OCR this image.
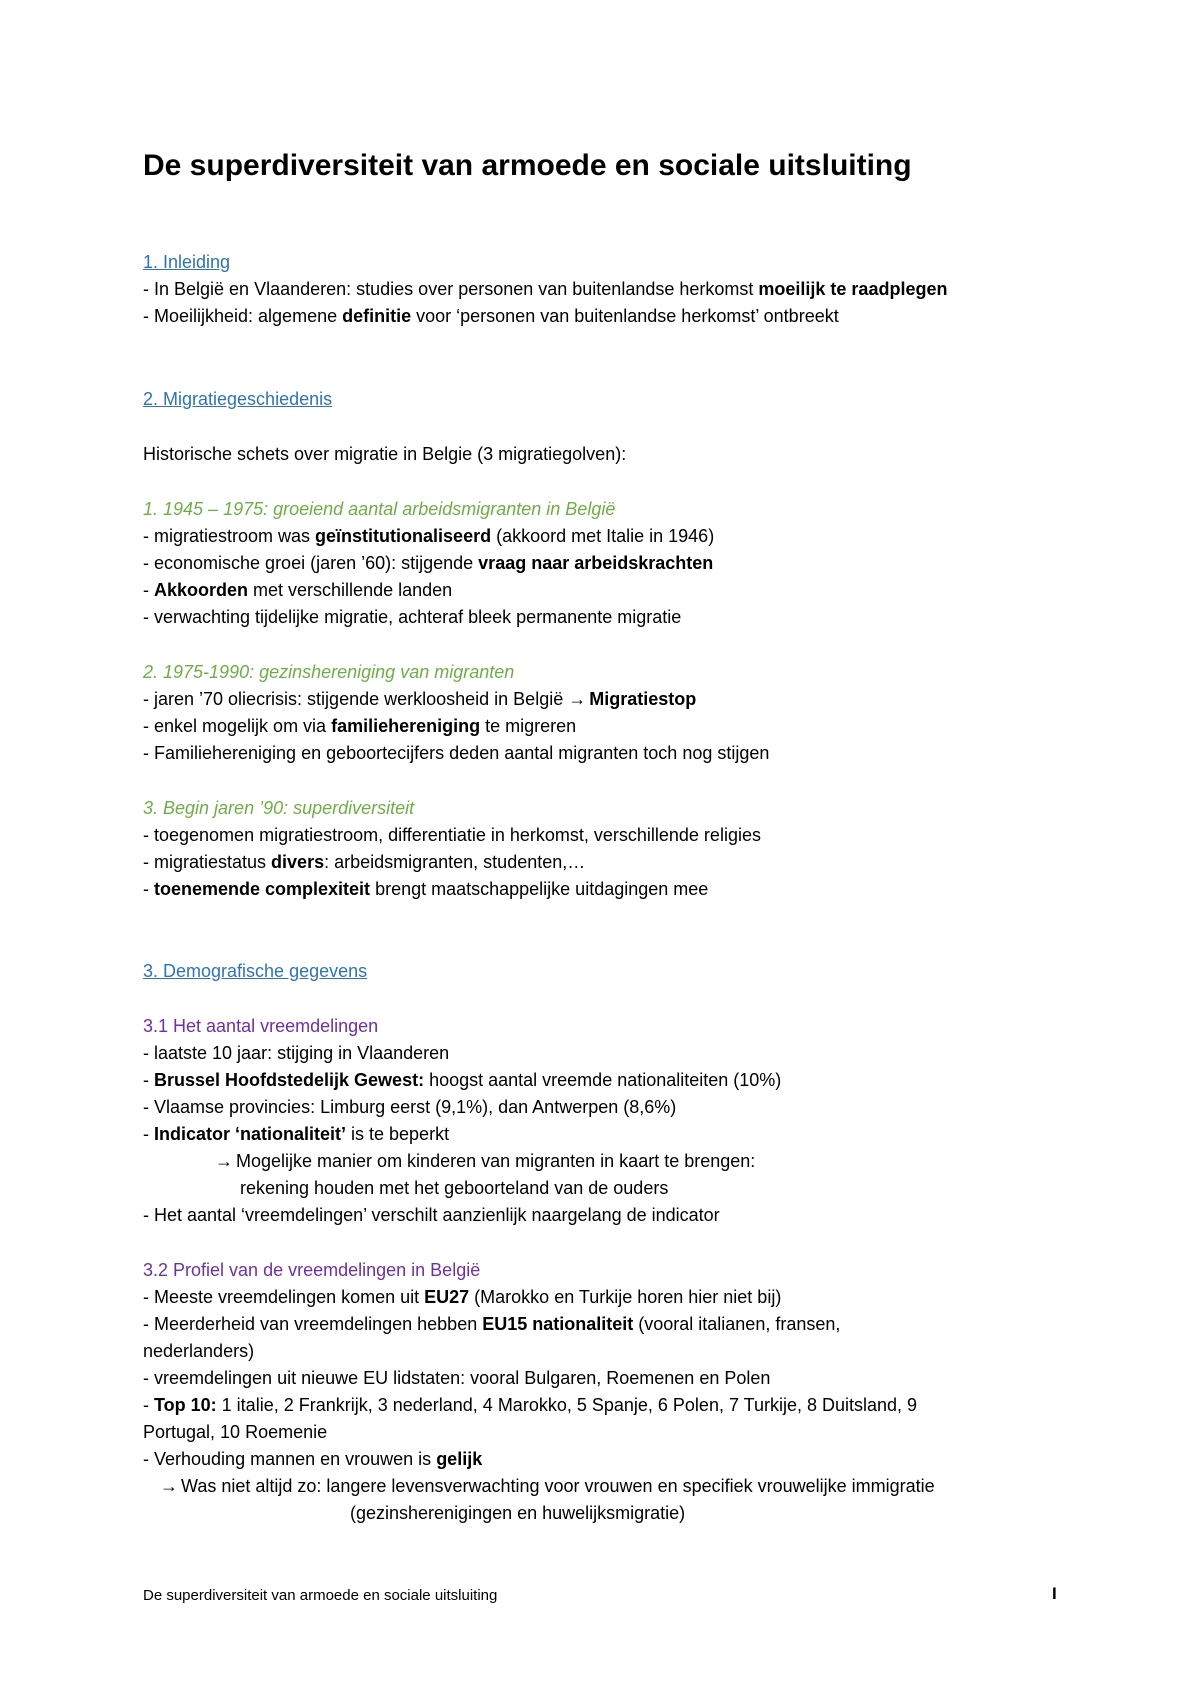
De superdiversiteit van armoede en sociale uitsluiting
1. Inleiding
- In België en Vlaanderen: studies over personen van buitenlandse herkomst moeilijk te raadplegen
- Moeilijkheid: algemene definitie voor ‘personen van buitenlandse herkomst’ ontbreekt
2. Migratiegeschiedenis
Historische schets over migratie in Belgie (3 migratiegolven):
1. 1945 – 1975: groeiend aantal arbeidsmigranten in België
- migratiestroom was geïnstitutionaliseerd (akkoord met Italie in 1946)
- economische groei (jaren ’60): stijgende vraag naar arbeidskrachten
- Akkoorden met verschillende landen
- verwachting tijdelijke migratie, achteraf bleek permanente migratie
2. 1975-1990: gezinshereniging van migranten
- jaren ’70 oliecrisis: stijgende werkloosheid in België → Migratiestop
- enkel mogelijk om via familiehereniging te migreren
- Familiehereniging en geboortecijfers deden aantal migranten toch nog stijgen
3. Begin jaren ’90: superdiversiteit
- toegenomen migratiestroom, differentiatie in herkomst, verschillende religies
- migratiestatus divers: arbeidsmigranten, studenten,…
- toenemende complexiteit brengt maatschappelijke uitdagingen mee
3. Demografische gegevens
3.1 Het aantal vreemdelingen
- laatste 10 jaar: stijging in Vlaanderen
- Brussel Hoofdstedelijk Gewest: hoogst aantal vreemde nationaliteiten (10%)
- Vlaamse provincies: Limburg eerst (9,1%), dan Antwerpen (8,6%)
- Indicator ‘nationaliteit’ is te beperkt
→ Mogelijke manier om kinderen van migranten in kaart te brengen:
rekening houden met het geboorteland van de ouders
- Het aantal ‘vreemdelingen’ verschilt aanzienlijk naargelang de indicator
3.2 Profiel van de vreemdelingen in België
- Meeste vreemdelingen komen uit EU27 (Marokko en Turkije horen hier niet bij)
- Meerderheid van vreemdelingen hebben EU15 nationaliteit (vooral italianen, fransen,
nederlanders)
- vreemdelingen uit nieuwe EU lidstaten: vooral Bulgaren, Roemenen en Polen
- Top 10: 1 italie, 2 Frankrijk, 3 nederland, 4 Marokko, 5 Spanje, 6 Polen, 7 Turkije, 8 Duitsland, 9
Portugal, 10 Roemenie
- Verhouding mannen en vrouwen is gelijk
→ Was niet altijd zo: langere levensverwachting voor vrouwen en specifiek vrouwelijke immigratie
(gezinsherenigingen en huwelijksmigratie)
De superdiversiteit van armoede en sociale uitsluiting	I
